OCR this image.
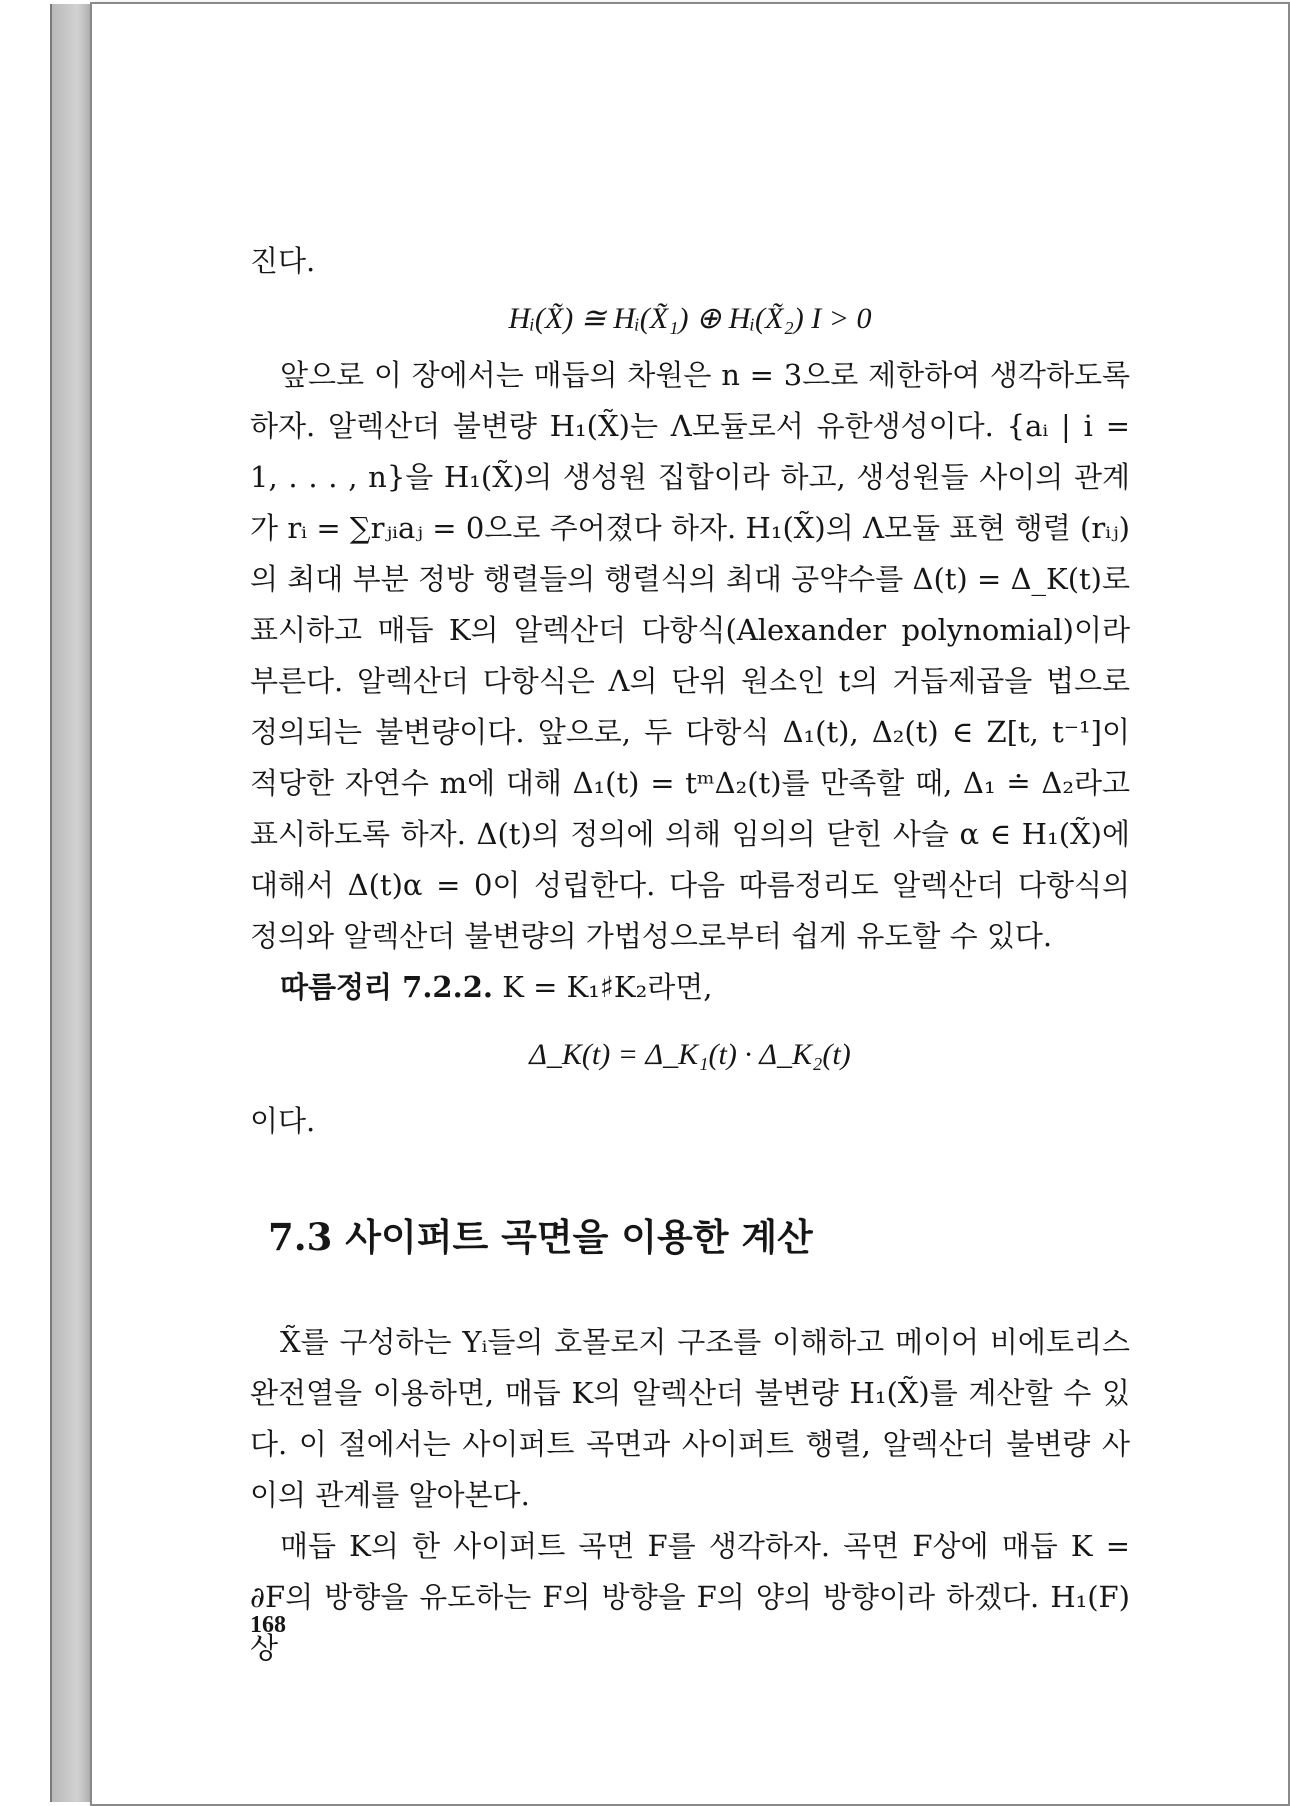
진다.

Hᵢ(X̃) ≅ Hᵢ(X̃₁) ⊕ Hᵢ(X̃₂) I > 0

앞으로 이 장에서는 매듭의 차원은 n = 3으로 제한하여 생각하도록 하자. 알렉산더 불변량 H₁(X̃)는 Λ모듈로서 유한생성이다. {aᵢ | i = 1, . . . , n}을 H₁(X̃)의 생성원 집합이라 하고, 생성원들 사이의 관계가 rᵢ = ∑rⱼᵢaⱼ = 0으로 주어졌다 하자. H₁(X̃)의 Λ모듈 표현 행렬 (rᵢⱼ)의 최대 부분 정방 행렬들의 행렬식의 최대 공약수를 Δ(t) = Δ_K(t)로 표시하고 매듭 K의 알렉산더 다항식(Alexander polynomial)이라 부른다. 알렉산더 다항식은 Λ의 단위 원소인 t의 거듭제곱을 법으로 정의되는 불변량이다. 앞으로, 두 다항식 Δ₁(t), Δ₂(t) ∈ Z[t, t⁻¹]이 적당한 자연수 m에 대해 Δ₁(t) = tᵐΔ₂(t)를 만족할 때, Δ₁ ≐ Δ₂라고 표시하도록 하자. Δ(t)의 정의에 의해 임의의 닫힌 사슬 α ∈ H₁(X̃)에 대해서 Δ(t)α = 0이 성립한다. 다음 따름정리도 알렉산더 다항식의 정의와 알렉산더 불변량의 가법성으로부터 쉽게 유도할 수 있다.

따름정리 7.2.2. K = K₁♯K₂라면,

Δ_K(t) = Δ_K₁(t) · Δ_K₂(t)

이다.

7.3 사이퍼트 곡면을 이용한 계산

X̃를 구성하는 Yᵢ들의 호몰로지 구조를 이해하고 메이어 비에토리스 완전열을 이용하면, 매듭 K의 알렉산더 불변량 H₁(X̃)를 계산할 수 있다. 이 절에서는 사이퍼트 곡면과 사이퍼트 행렬, 알렉산더 불변량 사이의 관계를 알아본다.

매듭 K의 한 사이퍼트 곡면 F를 생각하자. 곡면 F상에 매듭 K = ∂F의 방향을 유도하는 F의 방향을 F의 양의 방향이라 하겠다. H₁(F)상

168
